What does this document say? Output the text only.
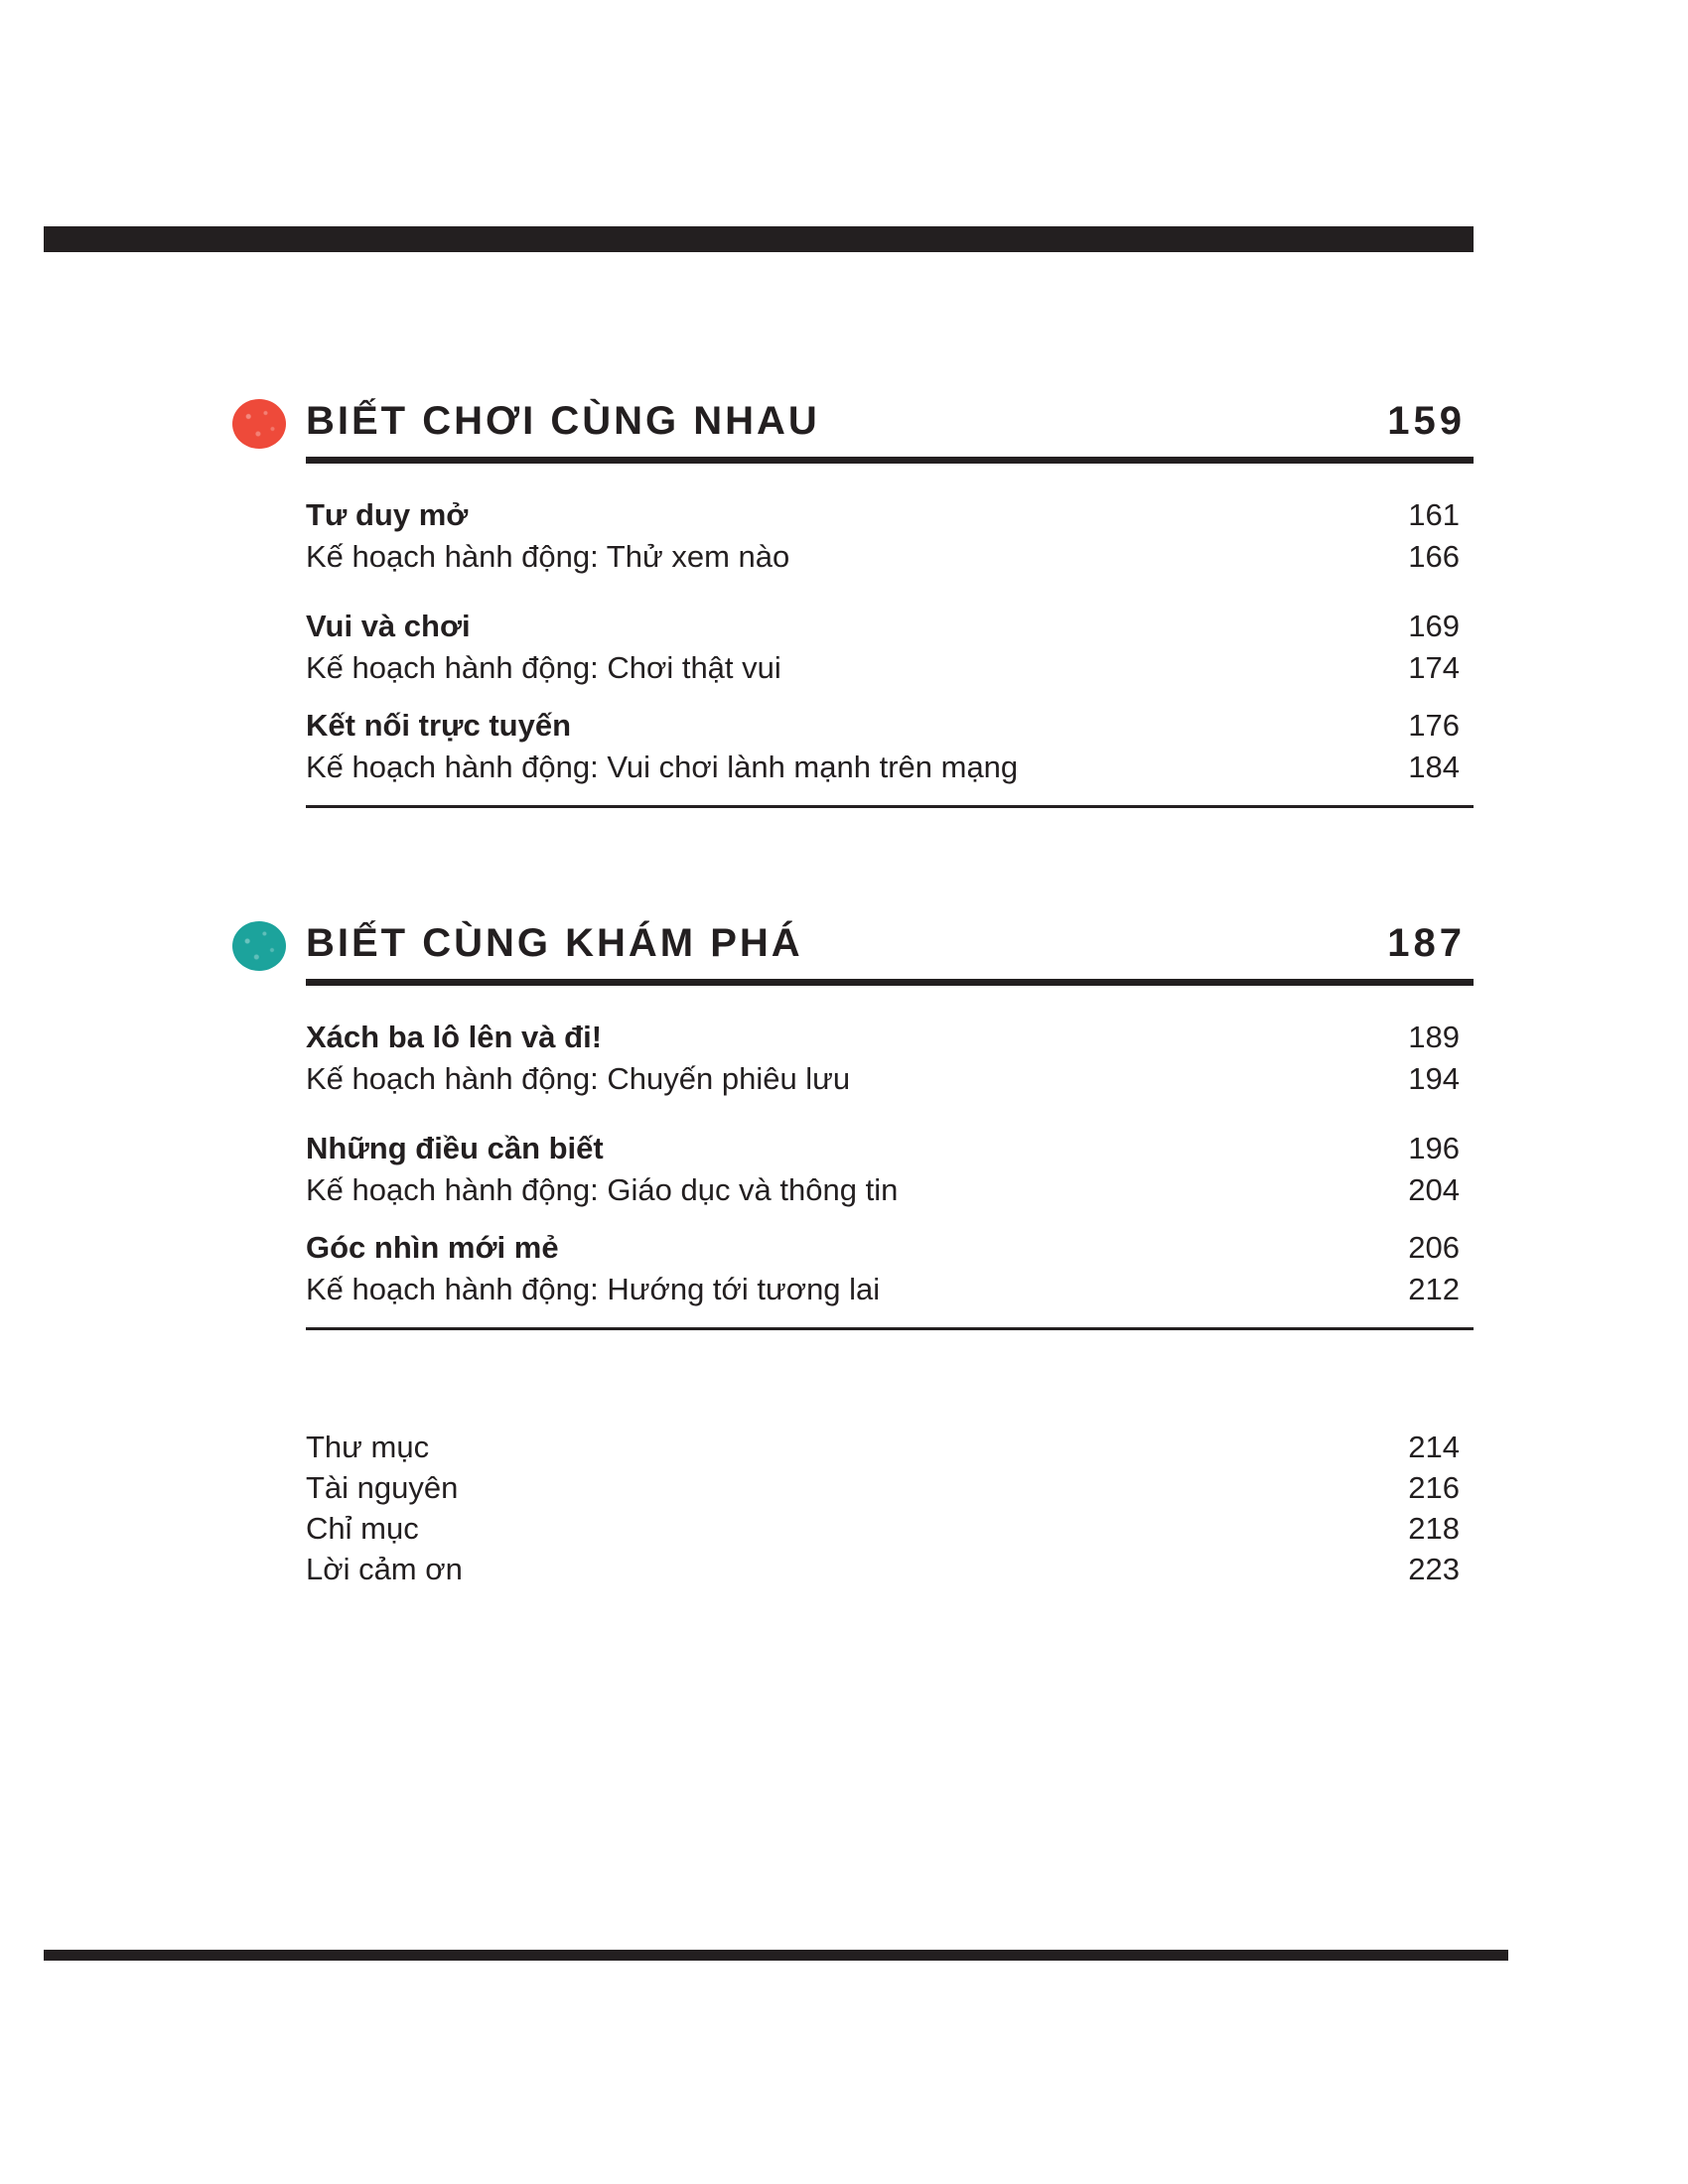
BIẾT CHƠI CÙNG NHAU	159
Tư duy mở	161
Kế hoạch hành động: Thử xem nào	166
Vui và chơi	169
Kế hoạch hành động: Chơi thật vui	174
Kết nối trực tuyến	176
Kế hoạch hành động: Vui chơi lành mạnh trên mạng	184
BIẾT CÙNG KHÁM PHÁ	187
Xách ba lô lên và đi!	189
Kế hoạch hành động: Chuyến phiêu lưu	194
Những điều cần biết	196
Kế hoạch hành động: Giáo dục và thông tin	204
Góc nhìn mới mẻ	206
Kế hoạch hành động: Hướng tới tương lai	212
Thư mục	214
Tài nguyên	216
Chỉ mục	218
Lời cảm ơn	223
